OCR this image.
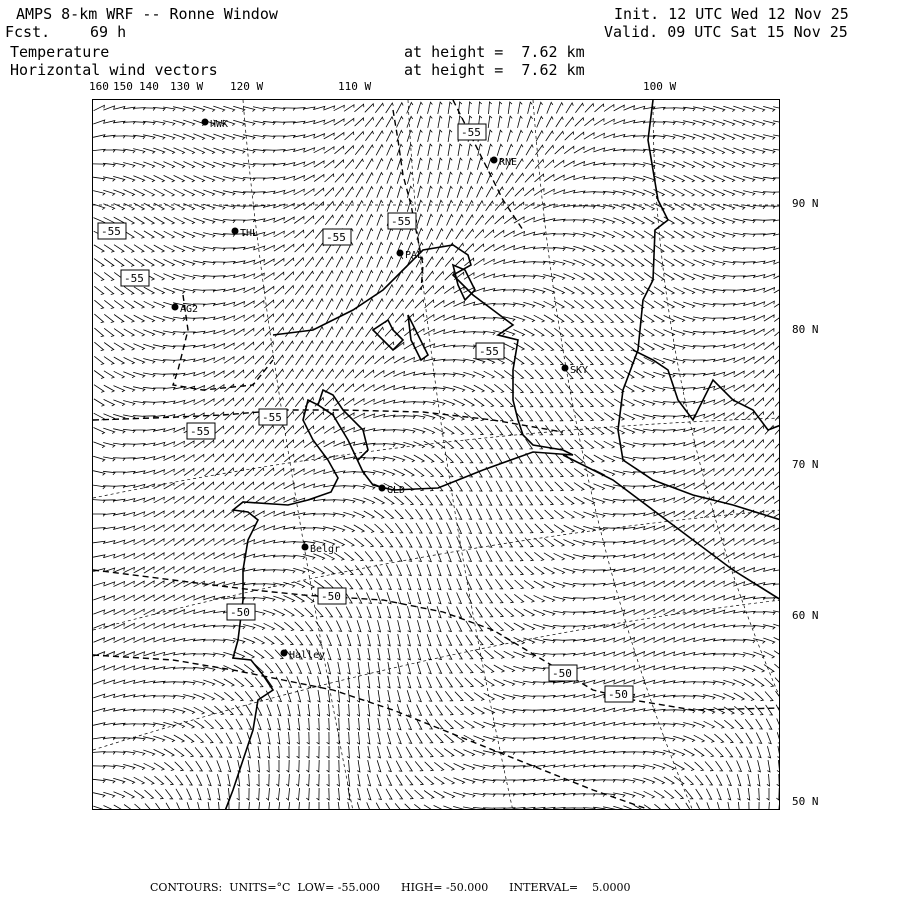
AMPS 8-km WRF -- Ronne Window
Fcst.	69 h
Temperature
Horizontal wind vectors
at height =  7.62 km
at height =  7.62 km
Init. 12 UTC Wed 12 Nov 25
Valid. 09 UTC Sat 15 Nov 25
160 150 140 130 W 120 W	110 W	100 W
90 N
80 N
70 N
60 N
50 N
HWK
RNE
THL
PAL
AG2
SKY
GLD
Belgr
Halley
-55
-55
-55
-55
-55
-55
-55
-55
-50
-50
-50
-50
CONTOURS:  UNITS=°C  LOW= -55.000      HIGH= -50.000      INTERVAL=    5.0000
